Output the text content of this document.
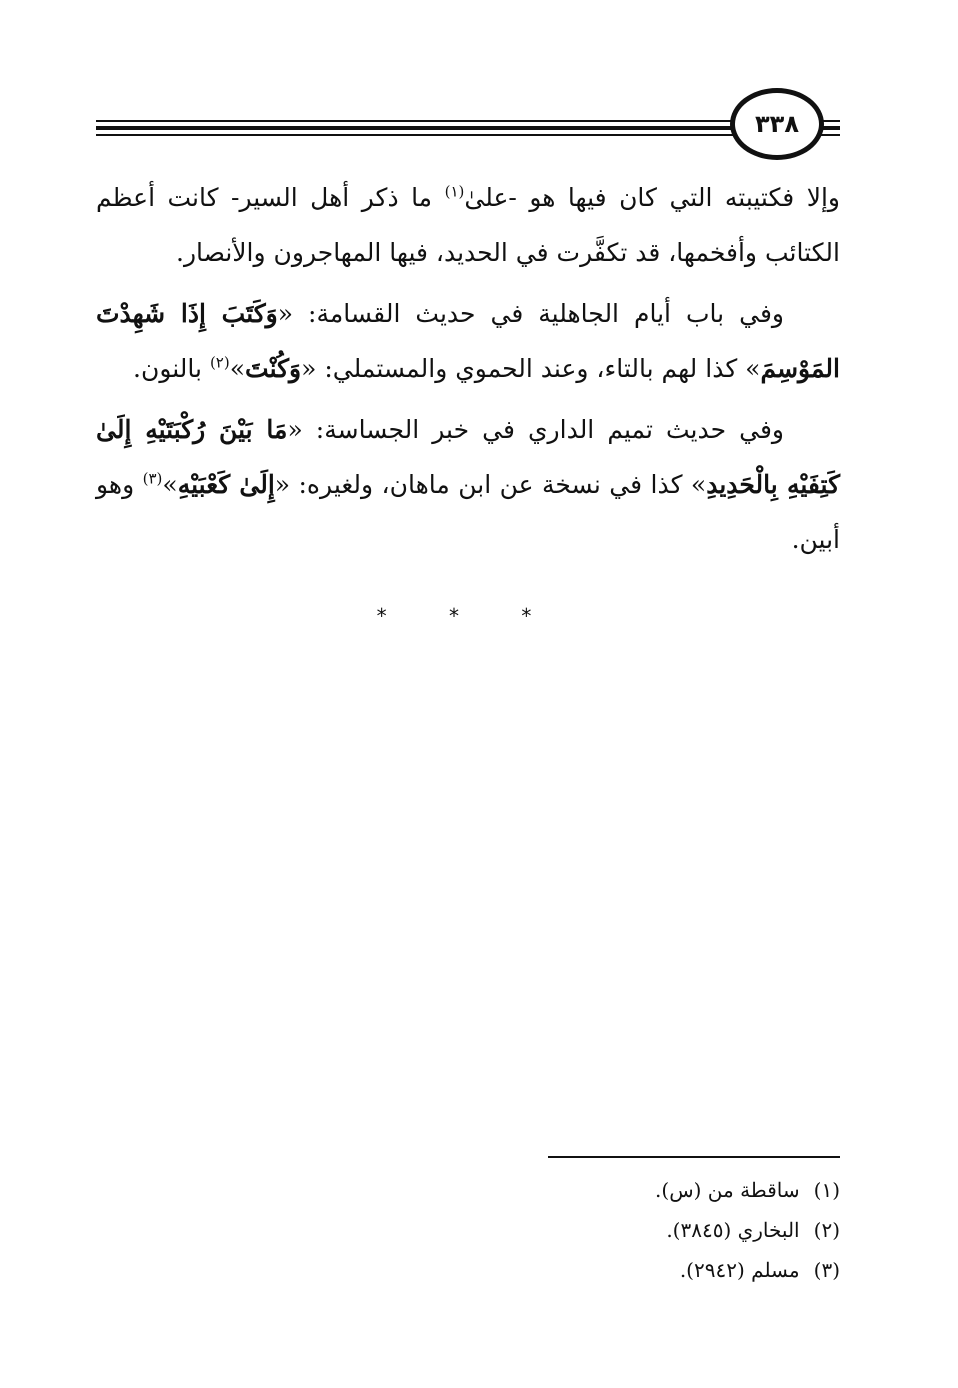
٣٣٨

وإلا فكتيبته التي كان فيها هو -علىٰ$^{(١)}$ ما ذكر أهل السير- كانت أعظم الكتائب وأفخمها، قد تكفَّرت في الحديد، فيها المهاجرون والأنصار.

وفي باب أيام الجاهلية في حديث القسامة: «وَكَتَبَ إِذَا شَهِدْتَ المَوْسِمَ» كذا لهم بالتاء، وعند الحموي والمستملي: «وَكُنْتَ»$^{(٢)}$ بالنون.

وفي حديث تميم الداري في خبر الجساسة: «مَا بَيْنَ رُكْبَتَيْهِ إِلَىٰ كَتِفَيْهِ بِالْحَدِيدِ» كذا في نسخة عن ابن ماهان، ولغيره: «إِلَىٰ كَعْبَيْهِ»$^{(٣)}$ وهو أبين.

* * *
(١)ساقطة من (س).
(٢)البخاري (٣٨٤٥).
(٣)مسلم (٢٩٤٢).
